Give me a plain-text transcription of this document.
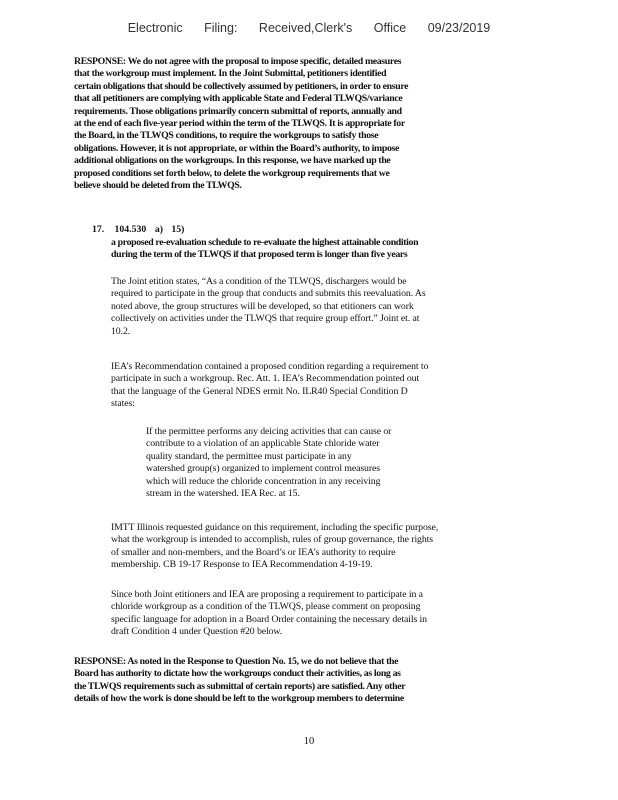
Electronic Filing: Received,Clerk's Office 09/23/2019
RESPONSE: We do not agree with the proposal to impose specific, detailed measures
that the workgroup must implement. In the Joint Submittal, petitioners identified
certain obligations that should be collectively assumed by petitioners, in order to ensure
that all petitioners are complying with applicable State and Federal TLWQS/variance
requirements. Those obligations primarily concern submittal of reports, annually and
at the end of each five-year period within the term of the TLWQS. It is appropriate for
the Board, in the TLWQS conditions, to require the workgroups to satisfy those
obligations. However, it is not appropriate, or within the Board’s authority, to impose
additional obligations on the workgroups. In this response, we have marked up the
proposed conditions set forth below, to delete the workgroup requirements that we
believe should be deleted from the TLWQS.
17. 104.530 a) 15)
a proposed re-evaluation schedule to re-evaluate the highest attainable condition
during the term of the TLWQS if that proposed term is longer than five years
The Joint etition states, “As a condition of the TLWQS, dischargers would be
required to participate in the group that conducts and submits this reevaluation. As
noted above, the group structures will be developed, so that etitioners can work
collectively on activities under the TLWQS that require group effort.” Joint et. at
10.2.
IEA’s Recommendation contained a proposed condition regarding a requirement to
participate in such a workgroup. Rec. Att. 1. IEA’s Recommendation pointed out
that the language of the General NDES ermit No. ILR40 Special Condition D
states:
If the permittee performs any deicing activities that can cause or
contribute to a violation of an applicable State chloride water
quality standard, the permittee must participate in any
watershed group(s) organized to implement control measures
which will reduce the chloride concentration in any receiving
stream in the watershed. IEA Rec. at 15.
IMTT Illinois requested guidance on this requirement, including the specific purpose,
what the workgroup is intended to accomplish, rules of group governance, the rights
of smaller and non-members, and the Board’s or IEA’s authority to require
membership. CB 19-17 Response to IEA Recommendation 4-19-19.
Since both Joint etitioners and IEA are proposing a requirement to participate in a
chloride workgroup as a condition of the TLWQS, please comment on proposing
specific language for adoption in a Board Order containing the necessary details in
draft Condition 4 under Question #20 below.
RESPONSE: As noted in the Response to Question No. 15, we do not believe that the
Board has authority to dictate how the workgroups conduct their activities, as long as
the TLWQS requirements such as submittal of certain reports) are satisfied. Any other
details of how the work is done should be left to the workgroup members to determine
10
